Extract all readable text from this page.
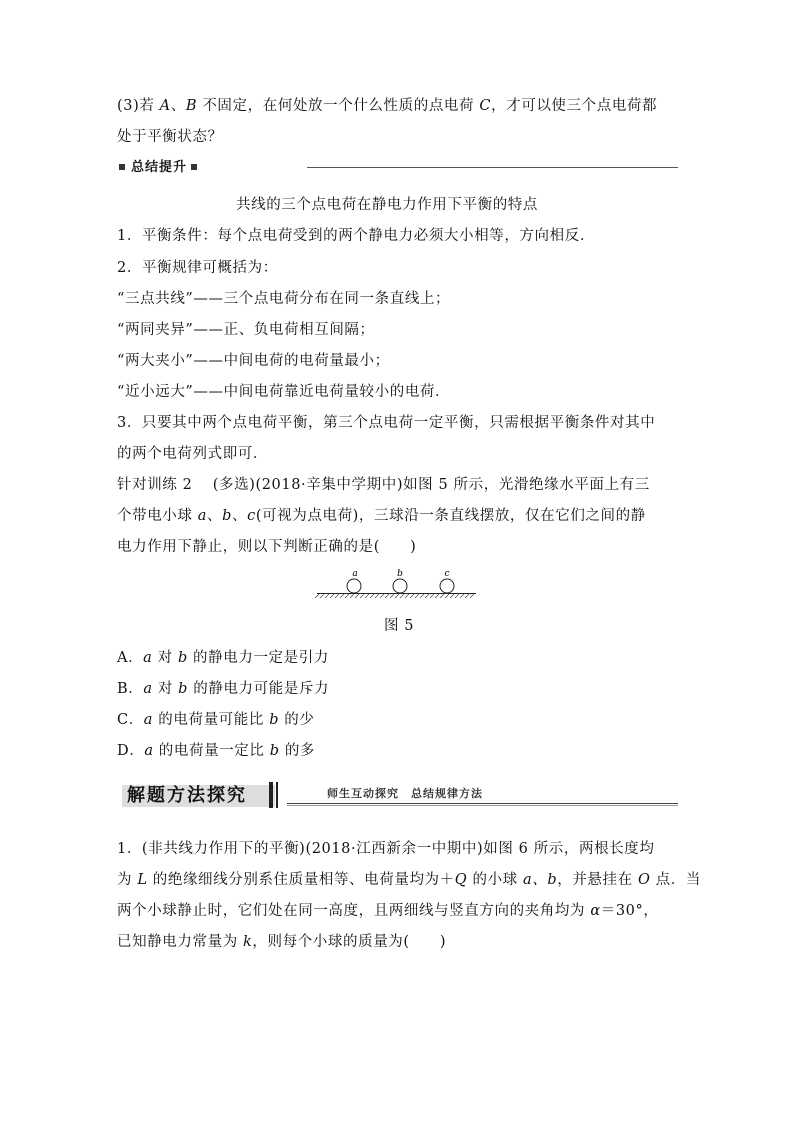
(3)若 A、B 不固定，在何处放一个什么性质的点电荷 C，才可以使三个点电荷都
处于平衡状态？
总结提升
共线的三个点电荷在静电力作用下平衡的特点
1．平衡条件：每个点电荷受到的两个静电力必须大小相等，方向相反．
2．平衡规律可概括为：
“三点共线”——三个点电荷分布在同一条直线上；
“两同夹异”——正、负电荷相互间隔；
“两大夹小”——中间电荷的电荷量最小；
“近小远大”——中间电荷靠近电荷量较小的电荷．
3．只要其中两个点电荷平衡，第三个点电荷一定平衡，只需根据平衡条件对其中
的两个电荷列式即可．
针对训练 2　 (多选)(2018·辛集中学期中)如图 5 所示，光滑绝缘水平面上有三
个带电小球 a、b、c(可视为点电荷)，三球沿一条直线摆放，仅在它们之间的静
电力作用下静止，则以下判断正确的是(　　)
a	b	c
图 5
A．a 对 b 的静电力一定是引力
B．a 对 b 的静电力可能是斥力
C．a 的电荷量可能比 b 的少
D．a 的电荷量一定比 b 的多
解题方法探究	师生互动探究　总结规律方法
1．(非共线力作用下的平衡)(2018·江西新余一中期中)如图 6 所示，两根长度均
为 L 的绝缘细线分别系住质量相等、电荷量均为＋Q 的小球 a、b，并悬挂在 O 点．当
两个小球静止时，它们处在同一高度，且两细线与竖直方向的夹角均为 α＝30°，
已知静电力常量为 k，则每个小球的质量为(　　)
